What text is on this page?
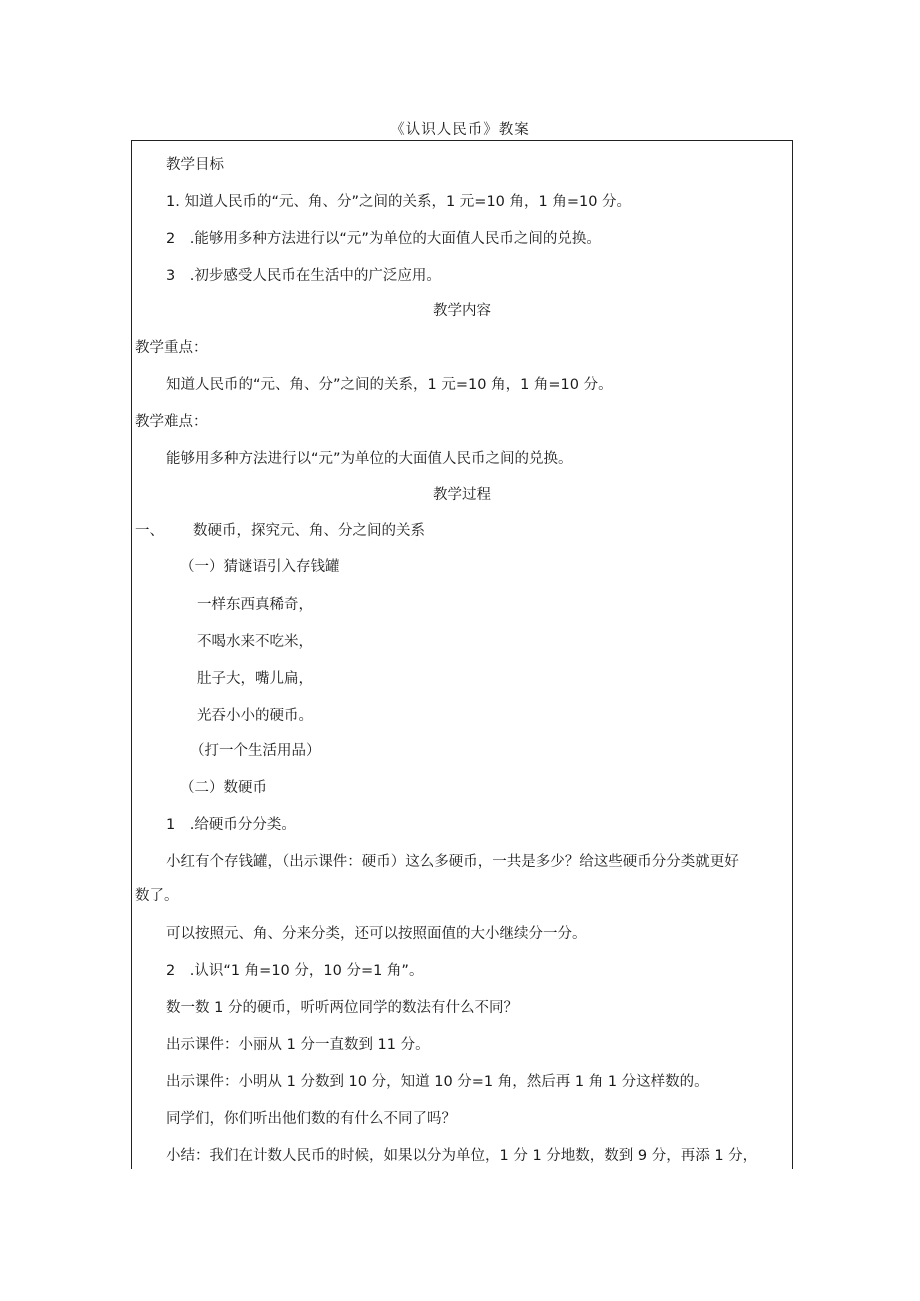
《认识人民币》教案
教学目标
1. 知道人民币的“元、角、分”之间的关系，1 元=10 角，1 角=10 分。
2　.能够用多种方法进行以“元”为单位的大面值人民币之间的兑换。
3　.初步感受人民币在生活中的广泛应用。
教学内容
教学重点：
知道人民币的“元、角、分”之间的关系，1 元=10 角，1 角=10 分。
教学难点：
能够用多种方法进行以“元”为单位的大面值人民币之间的兑换。
教学过程
一、 数硬币，探究元、角、分之间的关系
（一）猜谜语引入存钱罐
一样东西真稀奇，
不喝水来不吃米，
肚子大，嘴儿扁，
光吞小小的硬币。
（打一个生活用品）
（二）数硬币
1　.给硬币分分类。
小红有个存钱罐，（出示课件：硬币）这么多硬币，一共是多少？给这些硬币分分类就更好
数了。
可以按照元、角、分来分类，还可以按照面值的大小继续分一分。
2　.认识“1 角=10 分，10 分=1 角”。
数一数 1 分的硬币，听听两位同学的数法有什么不同？
出示课件：小丽从 1 分一直数到 11 分。
出示课件：小明从 1 分数到 10 分，知道 10 分=1 角，然后再 1 角 1 分这样数的。
同学们，你们听出他们数的有什么不同了吗？
小结：我们在计数人民币的时候，如果以分为单位，1 分 1 分地数，数到 9 分，再添 1 分，
